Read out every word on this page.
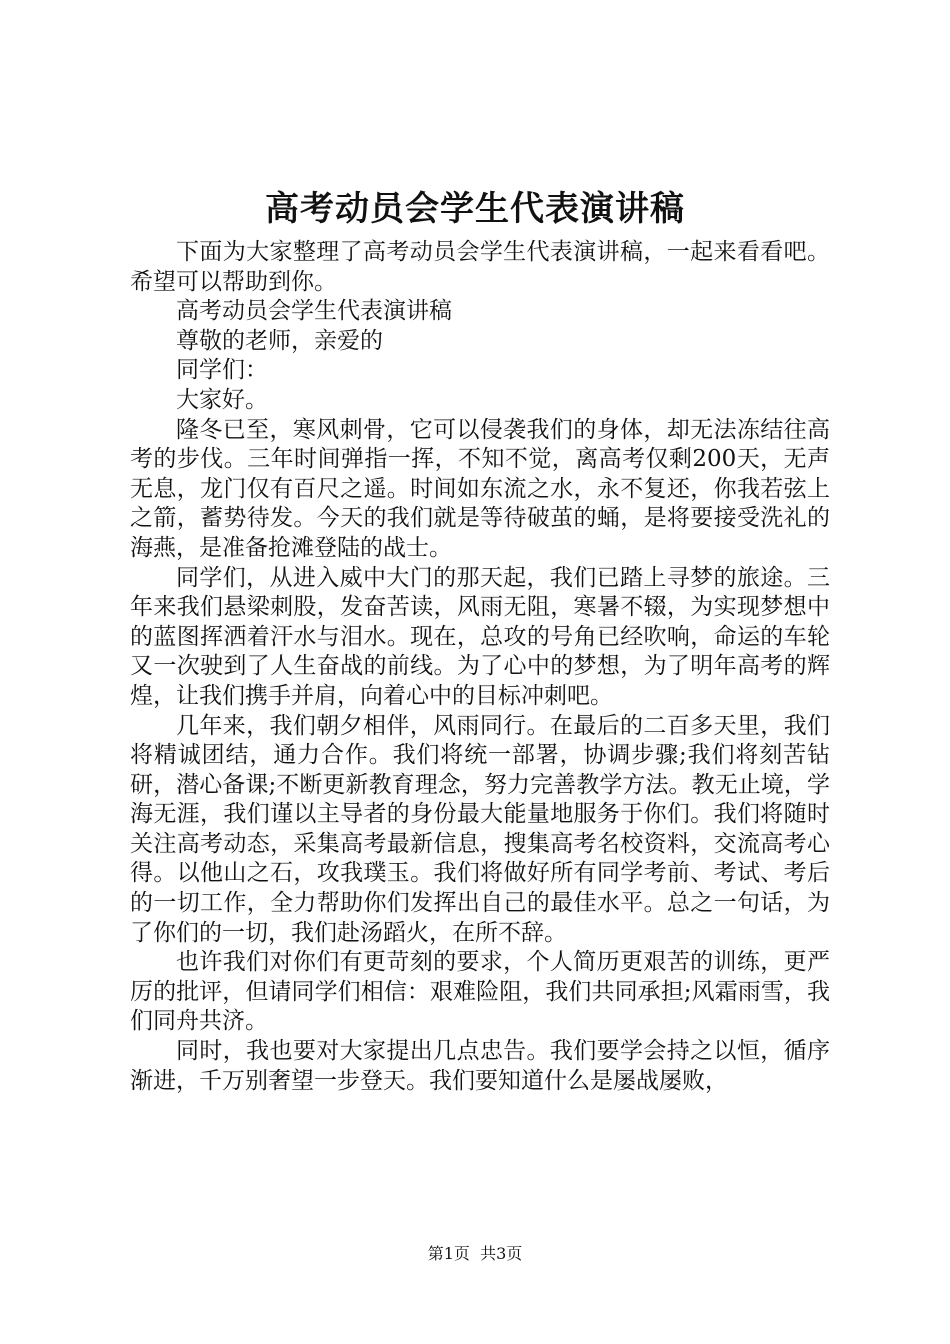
高考动员会学生代表演讲稿

下面为大家整理了高考动员会学生代表演讲稿，一起来看看吧。希望可以帮助到你。

高考动员会学生代表演讲稿

尊敬的老师，亲爱的

同学们：

大家好。

隆冬已至，寒风刺骨，它可以侵袭我们的身体，却无法冻结往高考的步伐。三年时间弹指一挥，不知不觉，离高考仅剩200天，无声无息，龙门仅有百尺之遥。时间如东流之水，永不复还，你我若弦上之箭，蓄势待发。今天的我们就是等待破茧的蛹，是将要接受洗礼的海燕，是准备抢滩登陆的战士。

同学们，从进入威中大门的那天起，我们已踏上寻梦的旅途。三年来我们悬梁刺股，发奋苦读，风雨无阻，寒暑不辍，为实现梦想中的蓝图挥洒着汗水与泪水。现在，总攻的号角已经吹响，命运的车轮又一次驶到了人生奋战的前线。为了心中的梦想，为了明年高考的辉煌，让我们携手并肩，向着心中的目标冲刺吧。

几年来，我们朝夕相伴，风雨同行。在最后的二百多天里，我们将精诚团结，通力合作。我们将统一部署，协调步骤;我们将刻苦钻研，潜心备课;不断更新教育理念，努力完善教学方法。教无止境，学海无涯，我们谨以主导者的身份最大能量地服务于你们。我们将随时关注高考动态，采集高考最新信息，搜集高考名校资料，交流高考心得。以他山之石，攻我璞玉。我们将做好所有同学考前、考试、考后的一切工作，全力帮助你们发挥出自己的最佳水平。总之一句话，为了你们的一切，我们赴汤蹈火，在所不辞。

也许我们对你们有更苛刻的要求，个人简历更艰苦的训练，更严厉的批评，但请同学们相信：艰难险阻，我们共同承担;风霜雨雪，我们同舟共济。

同时，我也要对大家提出几点忠告。我们要学会持之以恒，循序渐进，千万别奢望一步登天。我们要知道什么是屡战屡败，

第1页 共3页
